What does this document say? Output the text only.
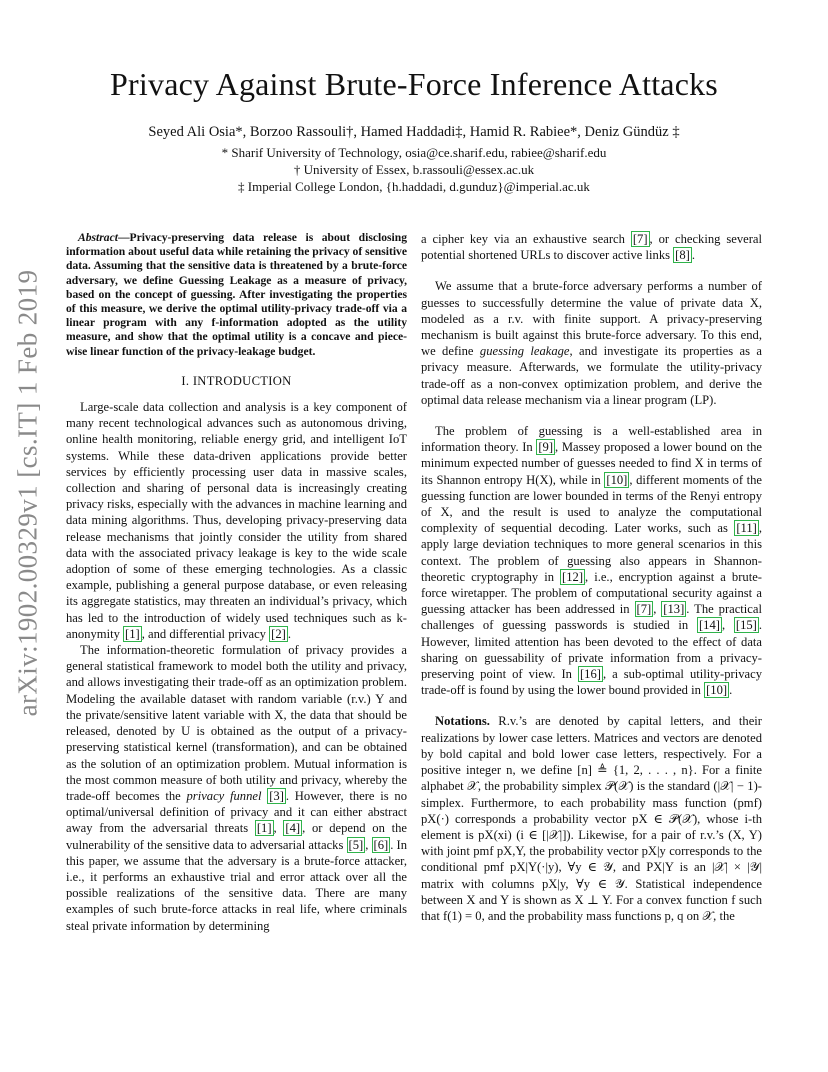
arXiv:1902.00329v1 [cs.IT] 1 Feb 2019
Privacy Against Brute-Force Inference Attacks
Seyed Ali Osia*, Borzoo Rassouli†, Hamed Haddadi‡, Hamid R. Rabiee*, Deniz Gündüz ‡
* Sharif University of Technology, osia@ce.sharif.edu, rabiee@sharif.edu
† University of Essex, b.rassouli@essex.ac.uk
‡ Imperial College London, {h.haddadi, d.gunduz}@imperial.ac.uk

Abstract—Privacy-preserving data release is about disclosing information about useful data while retaining the privacy of sensitive data. Assuming that the sensitive data is threatened by a brute-force adversary, we define Guessing Leakage as a measure of privacy, based on the concept of guessing. After investigating the properties of this measure, we derive the optimal utility-privacy trade-off via a linear program with any f-information adopted as the utility measure, and show that the optimal utility is a concave and piece-wise linear function of the privacy-leakage budget.

I. INTRODUCTION

Large-scale data collection and analysis is a key component of many recent technological advances such as autonomous driving, online health monitoring, reliable energy grid, and intelligent IoT systems. While these data-driven applications provide better services by efficiently processing user data in massive scales, collection and sharing of personal data is increasingly creating privacy risks, especially with the advances in machine learning and data mining algorithms. Thus, developing privacy-preserving data release mechanisms that jointly consider the utility from shared data with the associated privacy leakage is key to the wide scale adoption of some of these emerging technologies. As a classic example, publishing a general purpose database, or even releasing its aggregate statistics, may threaten an individual’s privacy, which has led to the introduction of widely used techniques such as k-anonymity [1] , and differential privacy [2] .

The information-theoretic formulation of privacy provides a general statistical framework to model both the utility and privacy, and allows investigating their trade-off as an optimization problem. Modeling the available dataset with random variable (r.v.) Y and the private/sensitive latent variable with X, the data that should be released, denoted by U is obtained as the output of a privacy-preserving statistical kernel (transformation), and can be obtained as the solution of an optimization problem. Mutual information is the most common measure of both utility and privacy, whereby the trade-off becomes the privacy funnel [3] . However, there is no optimal/universal definition of privacy and it can either abstract away from the adversarial threats [1] , [4] , or depend on the vulnerability of the sensitive data to adversarial attacks [5] , [6] . In this paper, we assume that the adversary is a brute-force attacker, i.e., it performs an exhaustive trial and error attack over all the possible realizations of the sensitive data. There are many examples of such brute-force attacks in real life, where criminals steal private information by determining

a cipher key via an exhaustive search [7] , or checking several potential shortened URLs to discover active links [8] .

We assume that a brute-force adversary performs a number of guesses to successfully determine the value of private data X, modeled as a r.v. with finite support. A privacy-preserving mechanism is built against this brute-force adversary. To this end, we define guessing leakage, and investigate its properties as a privacy measure. Afterwards, we formulate the utility-privacy trade-off as a non-convex optimization problem, and derive the optimal data release mechanism via a linear program (LP).

The problem of guessing is a well-established area in information theory. In [9] , Massey proposed a lower bound on the minimum expected number of guesses needed to find X in terms of its Shannon entropy H(X), while in [10] , different moments of the guessing function are lower bounded in terms of the Renyi entropy of X, and the result is used to analyze the computational complexity of sequential decoding. Later works, such as [11] , apply large deviation techniques to more general scenarios in this context. The problem of guessing also appears in Shannon-theoretic cryptography in [12] , i.e., encryption against a brute-force wiretapper. The problem of computational security against a guessing attacker has been addressed in [7] , [13] . The practical challenges of guessing passwords is studied in [14] , [15] . However, limited attention has been devoted to the effect of data sharing on guessability of private information from a privacy-preserving point of view. In [16] , a sub-optimal utility-privacy trade-off is found by using the lower bound provided in [10] .

Notations. R.v.’s are denoted by capital letters, and their realizations by lower case letters. Matrices and vectors are denoted by bold capital and bold lower case letters, respectively. For a positive integer n, we define [n] ≜ {1, 2, . . . , n}. For a finite alphabet 𝒳, the probability simplex 𝒫(𝒳) is the standard (|𝒳| − 1)-simplex. Furthermore, to each probability mass function (pmf) pX(·) corresponds a probability vector pX ∈ 𝒫(𝒳), whose i-th element is pX(xi) (i ∈ [|𝒳|]). Likewise, for a pair of r.v.’s (X, Y) with joint pmf pX,Y, the probability vector pX|y corresponds to the conditional pmf pX|Y(·|y), ∀y ∈ 𝒴, and PX|Y is an |𝒳| × |𝒴| matrix with columns pX|y, ∀y ∈ 𝒴. Statistical independence between X and Y is shown as X ⊥ Y. For a convex function f such that f(1) = 0, and the probability mass functions p, q on 𝒳, the
